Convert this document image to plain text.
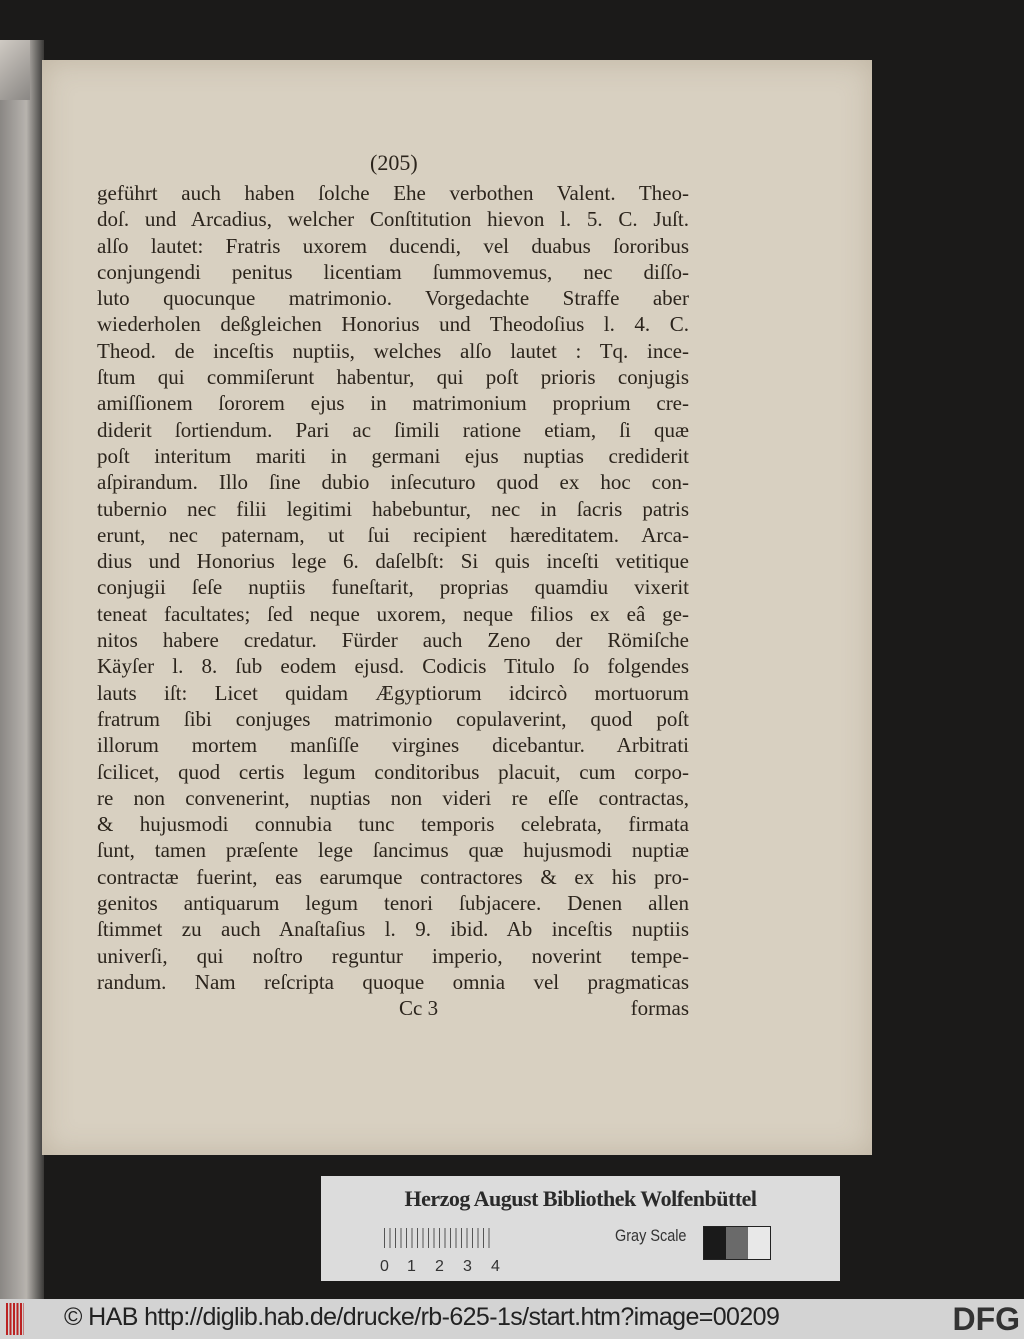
(205)
geführt auch haben ſolche Ehe verbothen Valent. Theo-
doſ. und Arcadius, welcher Conſtitution hievon l. 5. C. Juſt.
alſo lautet: Fratris uxorem ducendi, vel duabus ſororibus
conjungendi penitus licentiam ſummovemus, nec diſſo-
luto quocunque matrimonio. Vorgedachte Straffe aber
wiederholen deßgleichen Honorius und Theodoſius l. 4. C.
Theod. de inceſtis nuptiis, welches alſo lautet : Tq. ince-
ſtum qui commiſerunt habentur, qui poſt prioris conjugis
amiſſionem ſororem ejus in matrimonium proprium cre-
diderit ſortiendum. Pari ac ſimili ratione etiam, ſi quæ
poſt interitum mariti in germani ejus nuptias crediderit
aſpirandum. Illo ſine dubio inſecuturo quod ex hoc con-
tubernio nec filii legitimi habebuntur, nec in ſacris patris
erunt, nec paternam, ut ſui recipient hæreditatem. Arca-
dius und Honorius lege 6. daſelbſt: Si quis inceſti vetitique
conjugii ſeſe nuptiis funeſtarit, proprias quamdiu vixerit
teneat facultates; ſed neque uxorem, neque filios ex eâ ge-
nitos habere credatur. Fürder auch Zeno der Römiſche
Käyſer l. 8. ſub eodem ejusd. Codicis Titulo ſo folgendes
lauts iſt: Licet quidam Ægyptiorum idcircò mortuorum
fratrum ſibi conjuges matrimonio copulaverint, quod poſt
illorum mortem manſiſſe virgines dicebantur. Arbitrati
ſcilicet, quod certis legum conditoribus placuit, cum corpo-
re non convenerint, nuptias non videri re eſſe contractas,
& hujusmodi connubia tunc temporis celebrata, firmata
ſunt, tamen præſente lege ſancimus quæ hujusmodi nuptiæ
contractæ fuerint, eas earumque contractores & ex his pro-
genitos antiquarum legum tenori ſubjacere. Denen allen
ſtimmet zu auch Anaſtaſius l. 9. ibid. Ab inceſtis nuptiis
univerſi, qui noſtro reguntur imperio, noverint tempe-
randum. Nam reſcripta quoque omnia vel pragmaticas
Cc 3	formas
Herzog August Bibliothek Wolfenbüttel
0 1 2 3 4
Gray Scale
© HAB http://diglib.hab.de/drucke/rb-625-1s/start.htm?image=00209	DFG
